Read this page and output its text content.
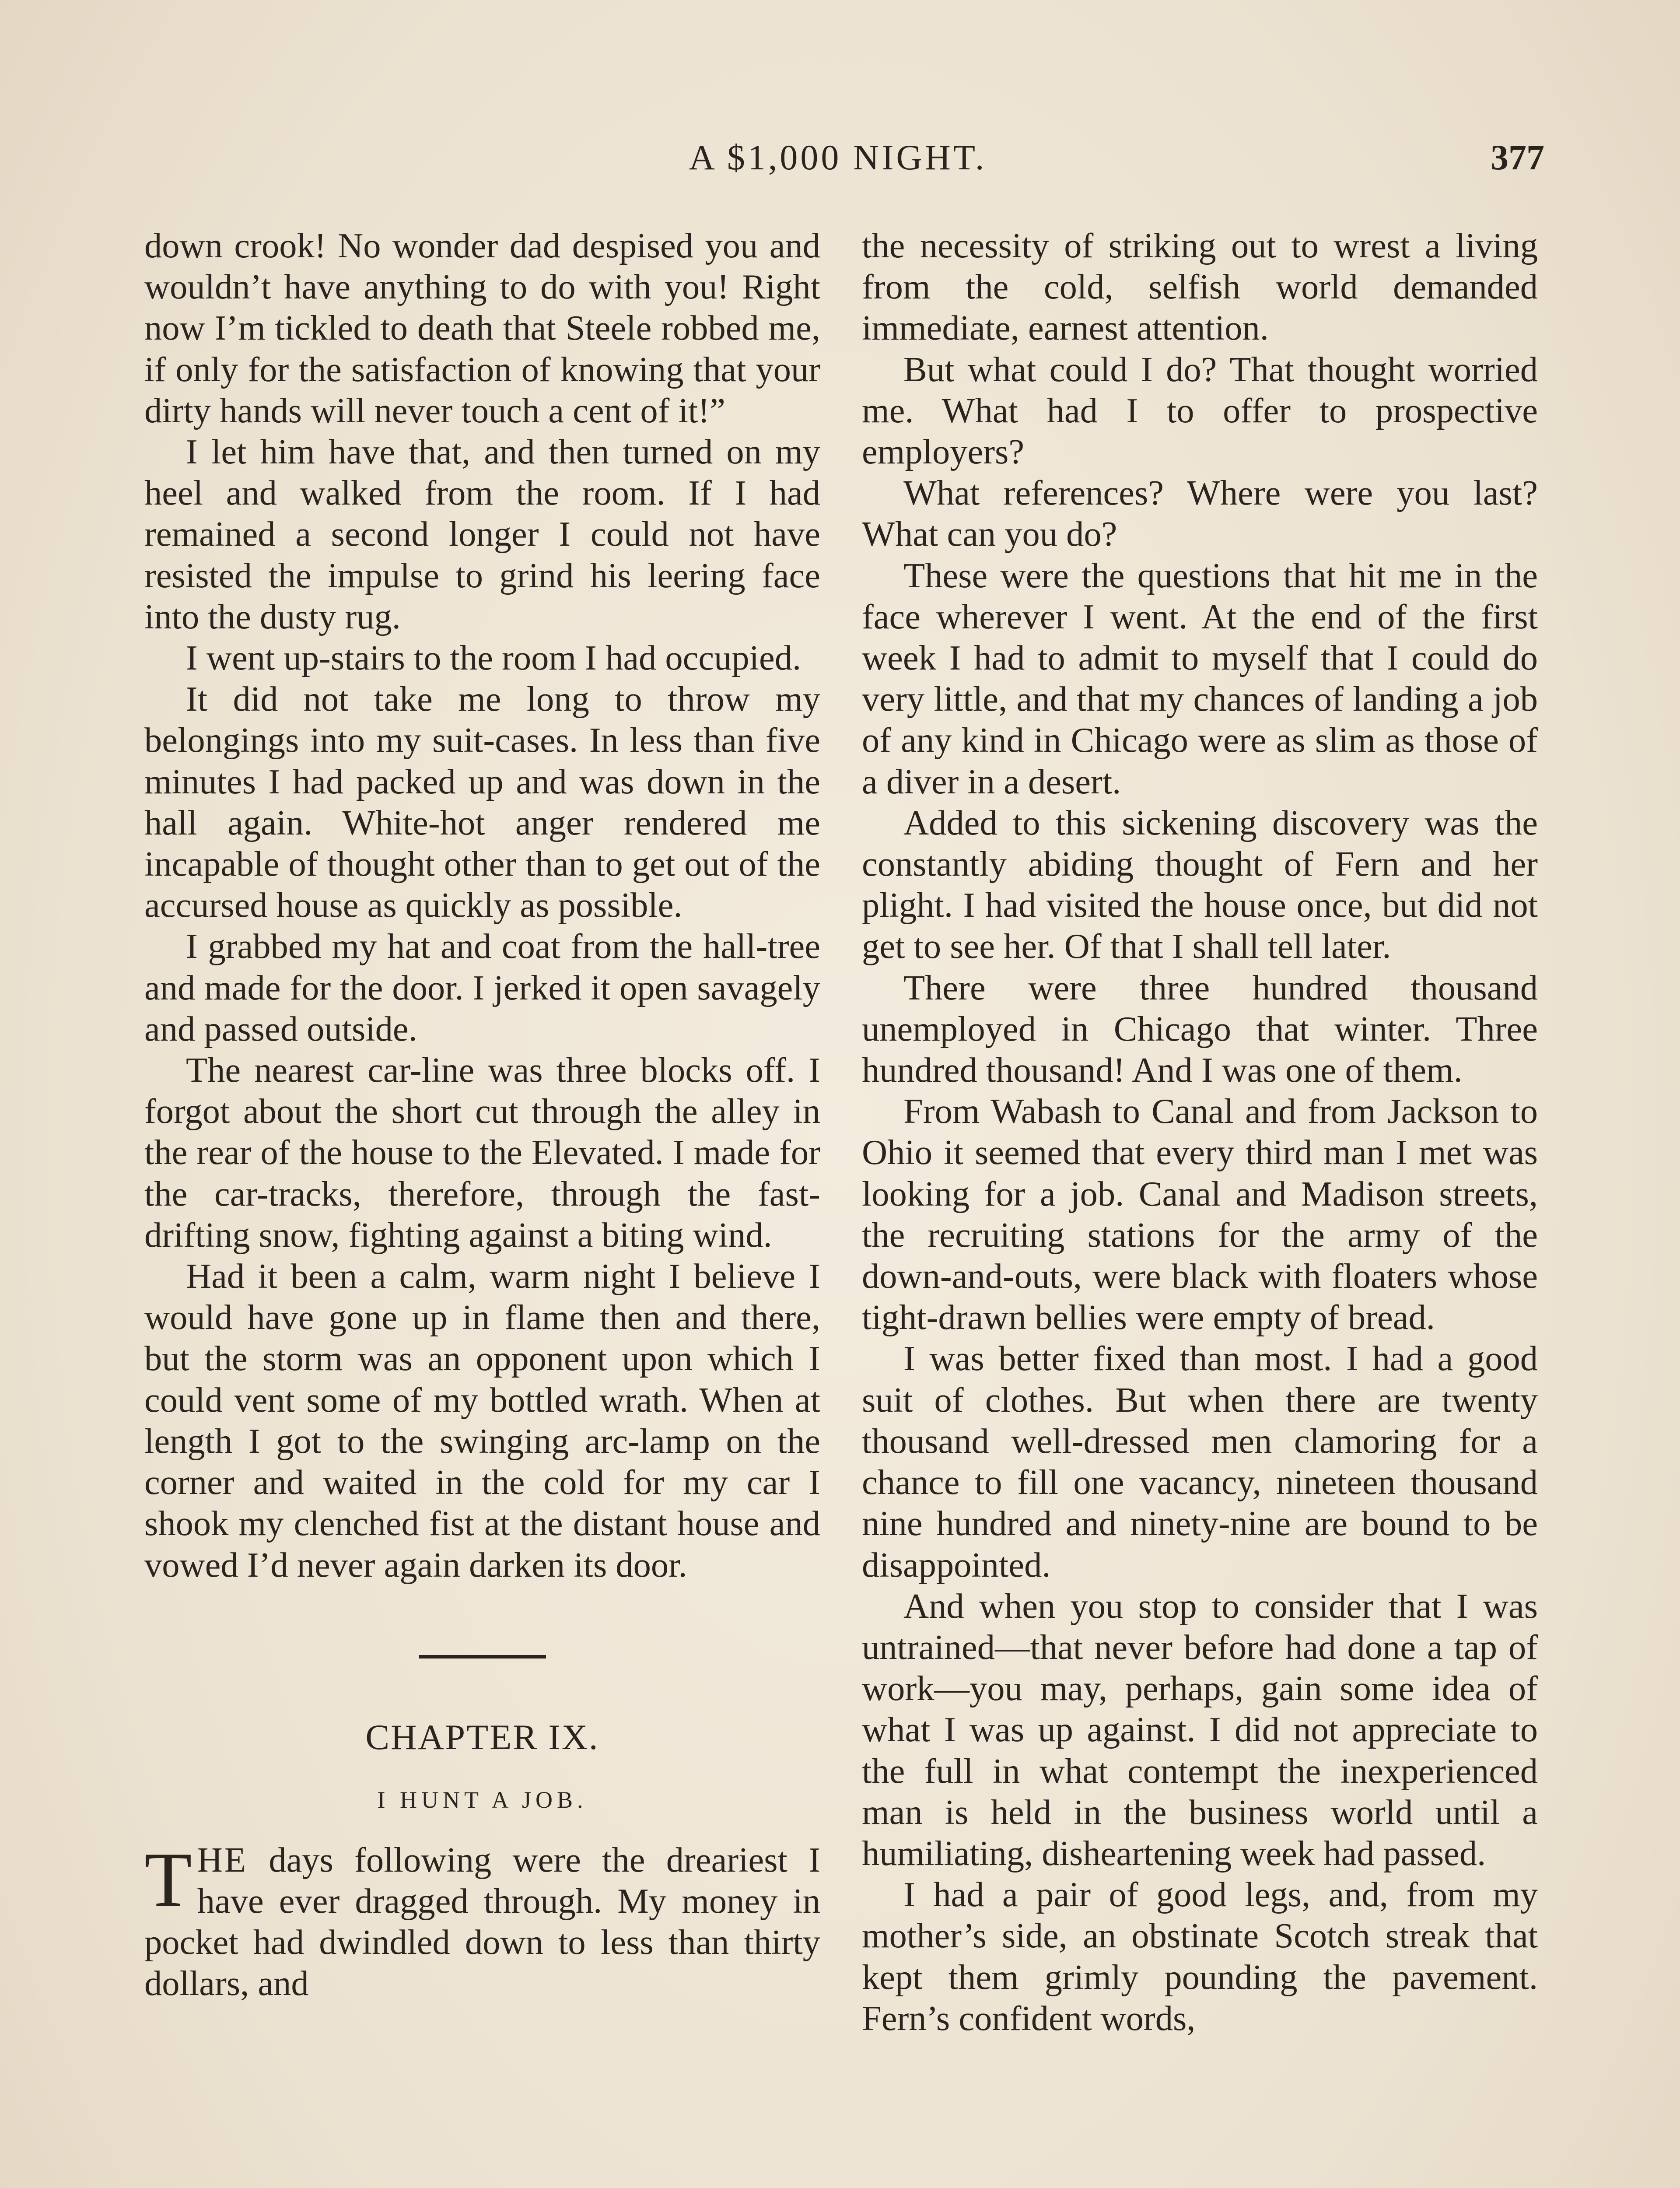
A $1,000 NIGHT.	377

down crook! No wonder dad despised you and wouldn’t have anything to do with you! Right now I’m tickled to death that Steele robbed me, if only for the satisfaction of knowing that your dirty hands will never touch a cent of it!”

I let him have that, and then turned on my heel and walked from the room. If I had remained a second longer I could not have resisted the impulse to grind his leering face into the dusty rug.

I went up-stairs to the room I had occupied.

It did not take me long to throw my belongings into my suit-cases. In less than five minutes I had packed up and was down in the hall again. White-hot anger rendered me incapable of thought other than to get out of the accursed house as quickly as possible.

I grabbed my hat and coat from the hall-tree and made for the door. I jerked it open savagely and passed outside.

The nearest car-line was three blocks off. I forgot about the short cut through the alley in the rear of the house to the Elevated. I made for the car-tracks, therefore, through the fast-drifting snow, fighting against a biting wind.

Had it been a calm, warm night I believe I would have gone up in flame then and there, but the storm was an opponent upon which I could vent some of my bottled wrath. When at length I got to the swinging arc-lamp on the corner and waited in the cold for my car I shook my clenched fist at the distant house and vowed I’d never again darken its door.

CHAPTER IX.
I HUNT A JOB.

THE days following were the dreariest I have ever dragged through. My money in pocket had dwindled down to less than thirty dollars, and

the necessity of striking out to wrest a living from the cold, selfish world demanded immediate, earnest attention.

But what could I do? That thought worried me. What had I to offer to prospective employers?

What references? Where were you last? What can you do?

These were the questions that hit me in the face wherever I went. At the end of the first week I had to admit to myself that I could do very little, and that my chances of landing a job of any kind in Chicago were as slim as those of a diver in a desert.

Added to this sickening discovery was the constantly abiding thought of Fern and her plight. I had visited the house once, but did not get to see her. Of that I shall tell later.

There were three hundred thousand unemployed in Chicago that winter. Three hundred thousand! And I was one of them.

From Wabash to Canal and from Jackson to Ohio it seemed that every third man I met was looking for a job. Canal and Madison streets, the recruiting stations for the army of the down-and-outs, were black with floaters whose tight-drawn bellies were empty of bread.

I was better fixed than most. I had a good suit of clothes. But when there are twenty thousand well-dressed men clamoring for a chance to fill one vacancy, nineteen thousand nine hundred and ninety-nine are bound to be disappointed.

And when you stop to consider that I was untrained—that never before had done a tap of work—you may, perhaps, gain some idea of what I was up against. I did not appreciate to the full in what contempt the inexperienced man is held in the business world until a humiliating, disheartening week had passed.

I had a pair of good legs, and, from my mother’s side, an obstinate Scotch streak that kept them grimly pounding the pavement. Fern’s confident words,
